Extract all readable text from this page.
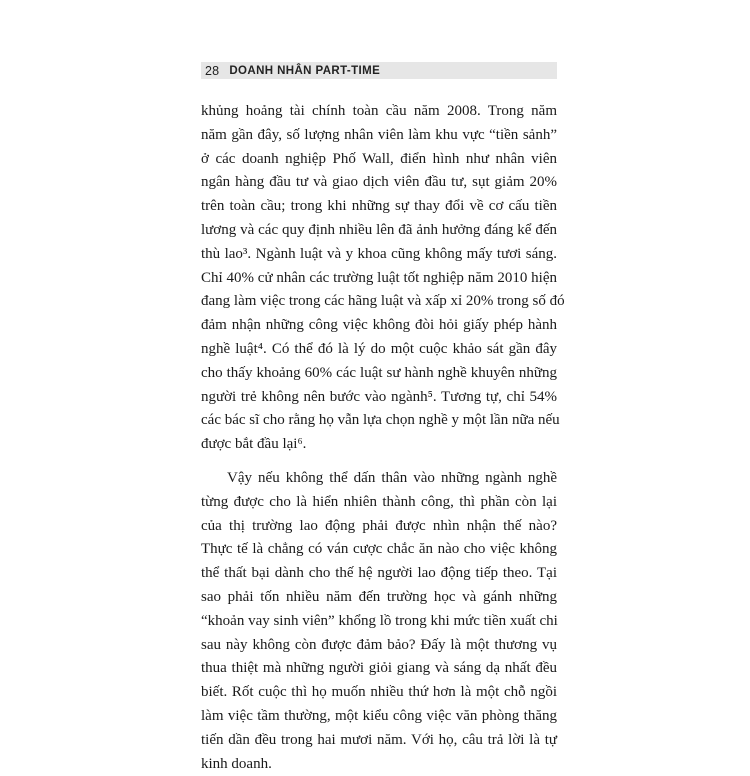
28 DOANH NHÂN PART-TIME
khủng hoảng tài chính toàn cầu năm 2008. Trong năm
năm gần đây, số lượng nhân viên làm khu vực “tiền sảnh”
ở các doanh nghiệp Phố Wall, điển hình như nhân viên
ngân hàng đầu tư và giao dịch viên đầu tư, sụt giảm 20%
trên toàn cầu; trong khi những sự thay đổi về cơ cấu tiền
lương và các quy định nhiều lên đã ảnh hưởng đáng kể đến
thù lao³. Ngành luật và y khoa cũng không mấy tươi sáng.
Chỉ 40% cử nhân các trường luật tốt nghiệp năm 2010 hiện
đang làm việc trong các hãng luật và xấp xỉ 20% trong số đó
đảm nhận những công việc không đòi hỏi giấy phép hành
nghề luật⁴. Có thể đó là lý do một cuộc khảo sát gần đây
cho thấy khoảng 60% các luật sư hành nghề khuyên những
người trẻ không nên bước vào ngành⁵. Tương tự, chỉ 54%
các bác sĩ cho rằng họ vẫn lựa chọn nghề y một lần nữa nếu
được bắt đầu lại⁶.
Vậy nếu không thể dấn thân vào những ngành nghề
từng được cho là hiển nhiên thành công, thì phần còn lại
của thị trường lao động phải được nhìn nhận thế nào?
Thực tế là chẳng có ván cược chắc ăn nào cho việc không
thể thất bại dành cho thế hệ người lao động tiếp theo. Tại
sao phải tốn nhiều năm đến trường học và gánh những
“khoản vay sinh viên” khổng lồ trong khi mức tiền xuất chi
sau này không còn được đảm bảo? Đấy là một thương vụ
thua thiệt mà những người giỏi giang và sáng dạ nhất đều
biết. Rốt cuộc thì họ muốn nhiều thứ hơn là một chỗ ngồi
làm việc tầm thường, một kiểu công việc văn phòng thăng
tiến dần đều trong hai mươi năm. Với họ, câu trả lời là tự
kinh doanh.
